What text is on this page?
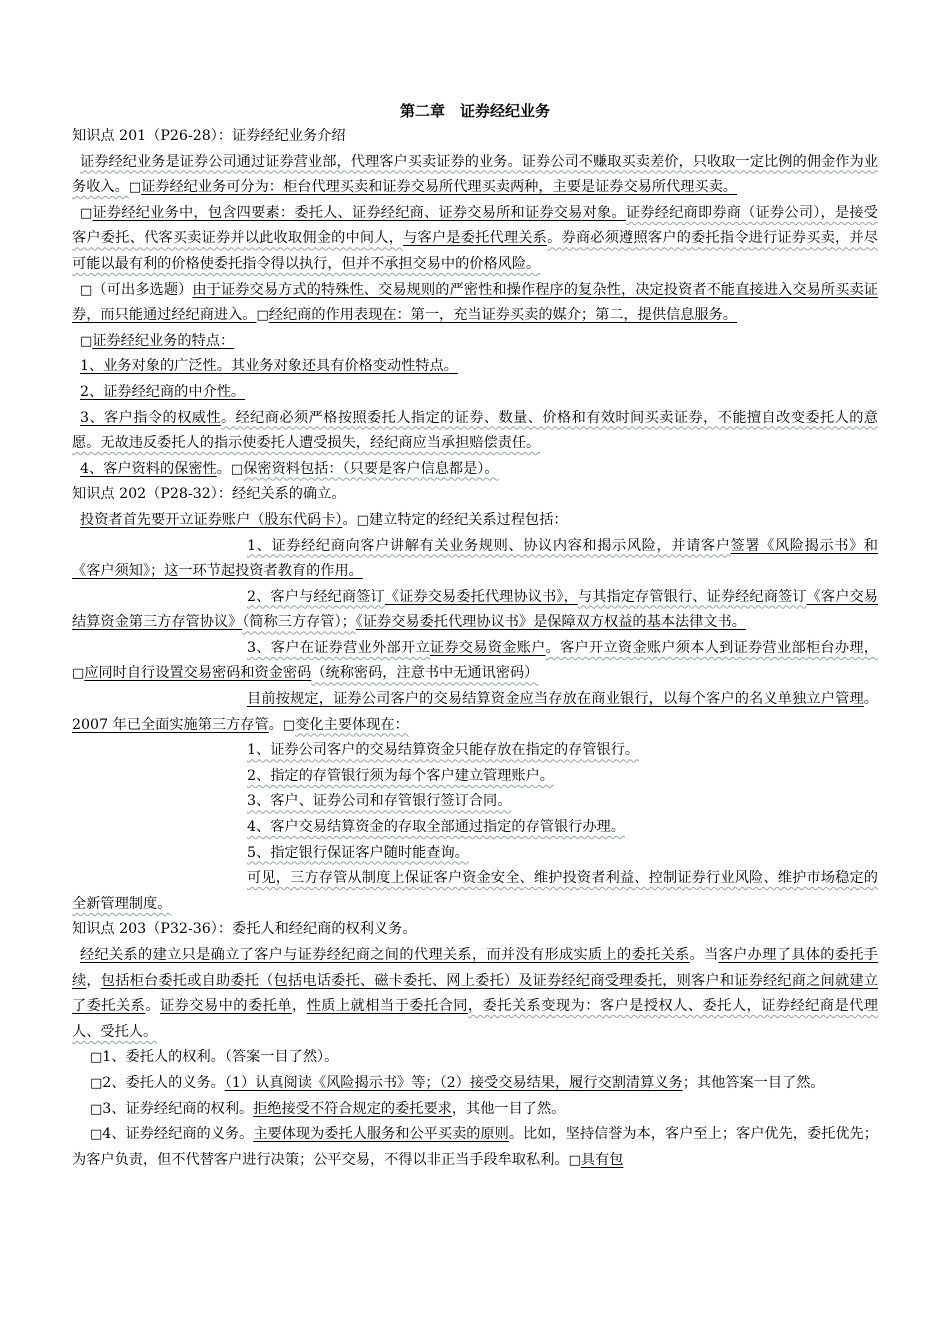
第二章　证券经纪业务

知识点 201（P26-28）：证券经纪业务介绍

证券经纪业务是证券公司通过证券营业部，代理客户买卖证券的业务。证券公司不赚取买卖差价，只收取一定比例的佣金作为业务收入。□证券经纪业务可分为：柜台代理买卖和证券交易所代理买卖两种，主要是证券交易所代理买卖。

□证券经纪业务中，包含四要素：委托人、证券经纪商、证券交易所和证券交易对象。证券经纪商即券商（证券公司），是接受客户委托、代客买卖证券并以此收取佣金的中间人，与客户是委托代理关系。券商必须遵照客户的委托指令进行证券买卖，并尽可能以最有利的价格使委托指令得以执行，但并不承担交易中的价格风险。

□（可出多选题）由于证券交易方式的特殊性、交易规则的严密性和操作程序的复杂性，决定投资者不能直接进入交易所买卖证券，而只能通过经纪商进入。□经纪商的作用表现在：第一，充当证券买卖的媒介；第二，提供信息服务。

□证券经纪业务的特点：

1、业务对象的广泛性。其业务对象还具有价格变动性特点。

2、证券经纪商的中介性。

3、客户指令的权威性。经纪商必须严格按照委托人指定的证券、数量、价格和有效时间买卖证券，不能擅自改变委托人的意愿。无故违反委托人的指示使委托人遭受损失，经纪商应当承担赔偿责任。

4、客户资料的保密性。□保密资料包括：（只要是客户信息都是）。

知识点 202（P28-32）：经纪关系的确立。

投资者首先要开立证券账户（股东代码卡）。□建立特定的经纪关系过程包括：

1、证券经纪商向客户讲解有关业务规则、协议内容和揭示风险，并请客户签署《风险揭示书》和《客户须知》；这一环节起投资者教育的作用。

2、客户与经纪商签订《证券交易委托代理协议书》，与其指定存管银行、证券经纪商签订《客户交易结算资金第三方存管协议》（简称三方存管）；《证券交易委托代理协议书》是保障双方权益的基本法律文书。

3、客户在证券营业外部开立证券交易资金账户。客户开立资金账户须本人到证券营业部柜台办理，□应同时自行设置交易密码和资金密码（统称密码，注意书中无通讯密码）

目前按规定，证券公司客户的交易结算资金应当存放在商业银行，以每个客户的名义单独立户管理。2007 年已全面实施第三方存管。□变化主要体现在：

1、证券公司客户的交易结算资金只能存放在指定的存管银行。

2、指定的存管银行须为每个客户建立管理账户。

3、客户、证券公司和存管银行签订合同。

4、客户交易结算资金的存取全部通过指定的存管银行办理。

5、指定银行保证客户随时能查询。

可见，三方存管从制度上保证客户资金安全、维护投资者利益、控制证券行业风险、维护市场稳定的全新管理制度。

知识点 203（P32-36）：委托人和经纪商的权利义务。

经纪关系的建立只是确立了客户与证券经纪商之间的代理关系，而并没有形成实质上的委托关系。当客户办理了具体的委托手续，包括柜台委托或自助委托（包括电话委托、磁卡委托、网上委托）及证券经纪商受理委托，则客户和证券经纪商之间就建立了委托关系。证券交易中的委托单，性质上就相当于委托合同，委托关系变现为：客户是授权人、委托人，证券经纪商是代理人、受托人。

□1、委托人的权利。（答案一目了然）。

□2、委托人的义务。（1）认真阅读《风险揭示书》等；（2）接受交易结果，履行交割清算义务；其他答案一目了然。

□3、证券经纪商的权利。拒绝接受不符合规定的委托要求，其他一目了然。

□4、证券经纪商的义务。主要体现为委托人服务和公平买卖的原则。比如，坚持信誉为本，客户至上；客户优先，委托优先；为客户负责，但不代替客户进行决策；公平交易，不得以非正当手段牟取私利。□具有包
